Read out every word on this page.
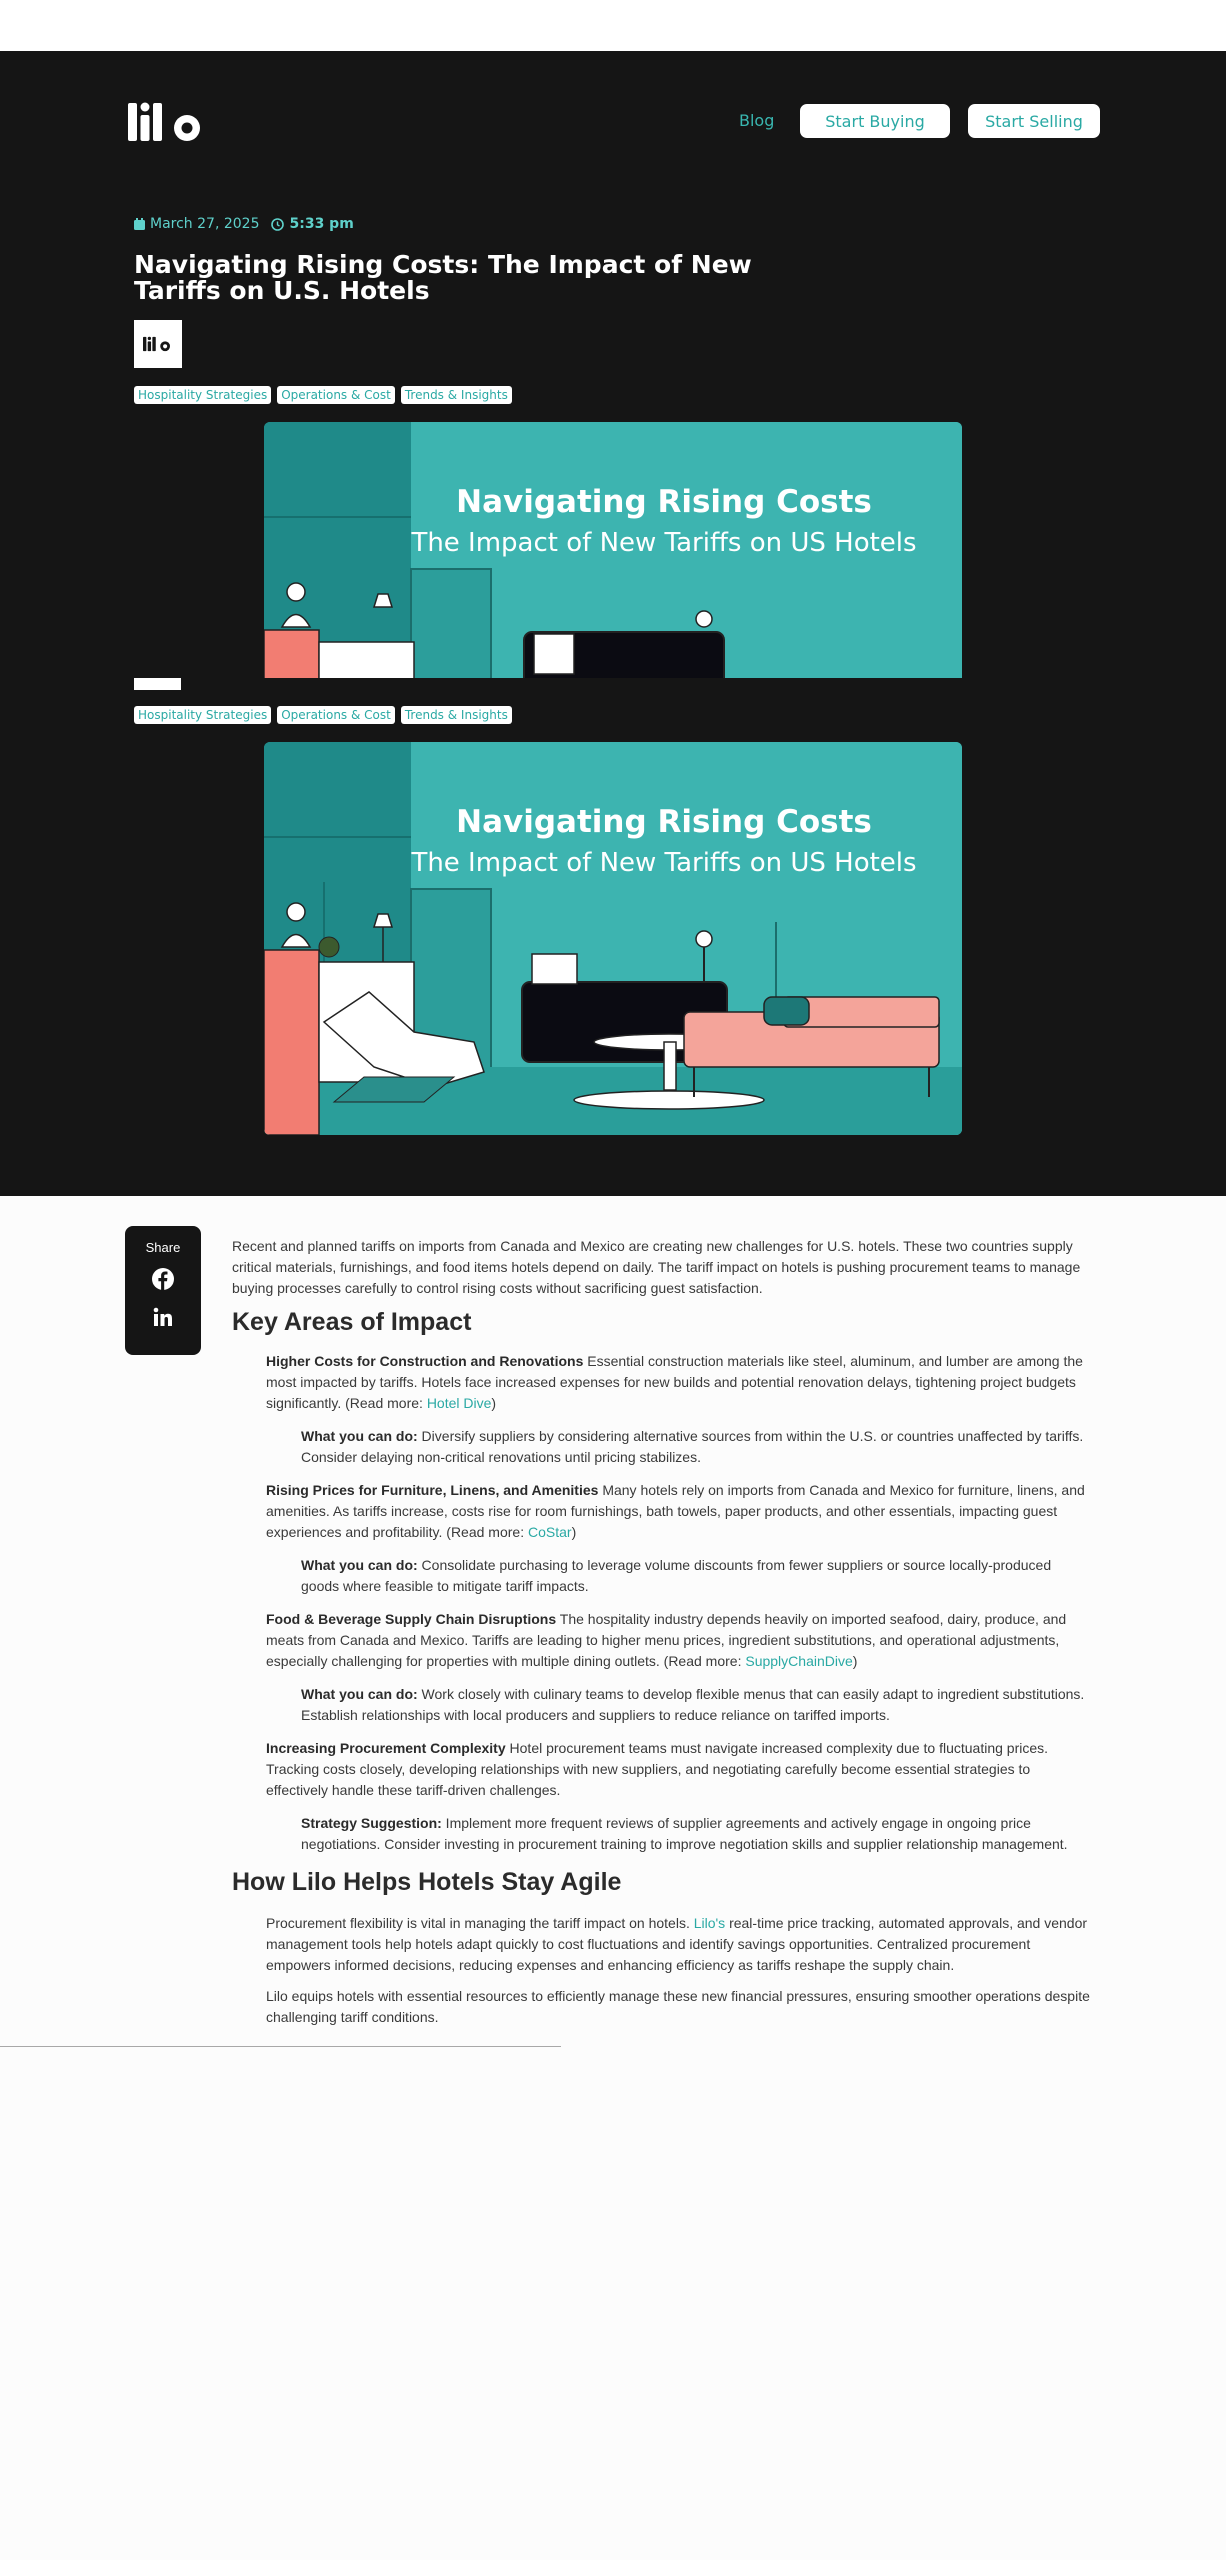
Blog	Start Buying	Start Selling
March 27, 2025 5:33 pm
Navigating Rising Costs: The Impact of New Tariffs on U.S. Hotels
Hospitality Strategies	Operations & Cost	Trends & Insights
Navigating Rising Costs
The Impact of New Tariffs on US Hotels
Hospitality Strategies	Operations & Cost	Trends & Insights
Navigating Rising Costs
The Impact of New Tariffs on US Hotels
Share	Recent and planned tariffs on imports from Canada and Mexico are creating new challenges for U.S. hotels. These two countries supply critical materials, furnishings, and food items hotels depend on daily. The tariff impact on hotels is pushing procurement teams to manage buying processes carefully to control rising costs without sacrificing guest satisfaction.

Key Areas of Impact

Higher Costs for Construction and Renovations Essential construction materials like steel, aluminum, and lumber are among the most impacted by tariffs. Hotels face increased expenses for new builds and potential renovation delays, tightening project budgets significantly. (Read more: Hotel Dive)

What you can do: Diversify suppliers by considering alternative sources from within the U.S. or countries unaffected by tariffs. Consider delaying non-critical renovations until pricing stabilizes.

Rising Prices for Furniture, Linens, and Amenities Many hotels rely on imports from Canada and Mexico for furniture, linens, and amenities. As tariffs increase, costs rise for room furnishings, bath towels, paper products, and other essentials, impacting guest experiences and profitability. (Read more: CoStar)

What you can do: Consolidate purchasing to leverage volume discounts from fewer suppliers or source locally-produced goods where feasible to mitigate tariff impacts.

Food & Beverage Supply Chain Disruptions The hospitality industry depends heavily on imported seafood, dairy, produce, and meats from Canada and Mexico. Tariffs are leading to higher menu prices, ingredient substitutions, and operational adjustments, especially challenging for properties with multiple dining outlets. (Read more: SupplyChainDive)

What you can do: Work closely with culinary teams to develop flexible menus that can easily adapt to ingredient substitutions. Establish relationships with local producers and suppliers to reduce reliance on tariffed imports.

Increasing Procurement Complexity Hotel procurement teams must navigate increased complexity due to fluctuating prices. Tracking costs closely, developing relationships with new suppliers, and negotiating carefully become essential strategies to effectively handle these tariff-driven challenges.

Strategy Suggestion: Implement more frequent reviews of supplier agreements and actively engage in ongoing price negotiations. Consider investing in procurement training to improve negotiation skills and supplier relationship management.

How Lilo Helps Hotels Stay Agile

Procurement flexibility is vital in managing the tariff impact on hotels. Lilo's real-time price tracking, automated approvals, and vendor management tools help hotels adapt quickly to cost fluctuations and identify savings opportunities. Centralized procurement empowers informed decisions, reducing expenses and enhancing efficiency as tariffs reshape the supply chain.

Lilo equips hotels with essential resources to efficiently manage these new financial pressures, ensuring smoother operations despite challenging tariff conditions.
